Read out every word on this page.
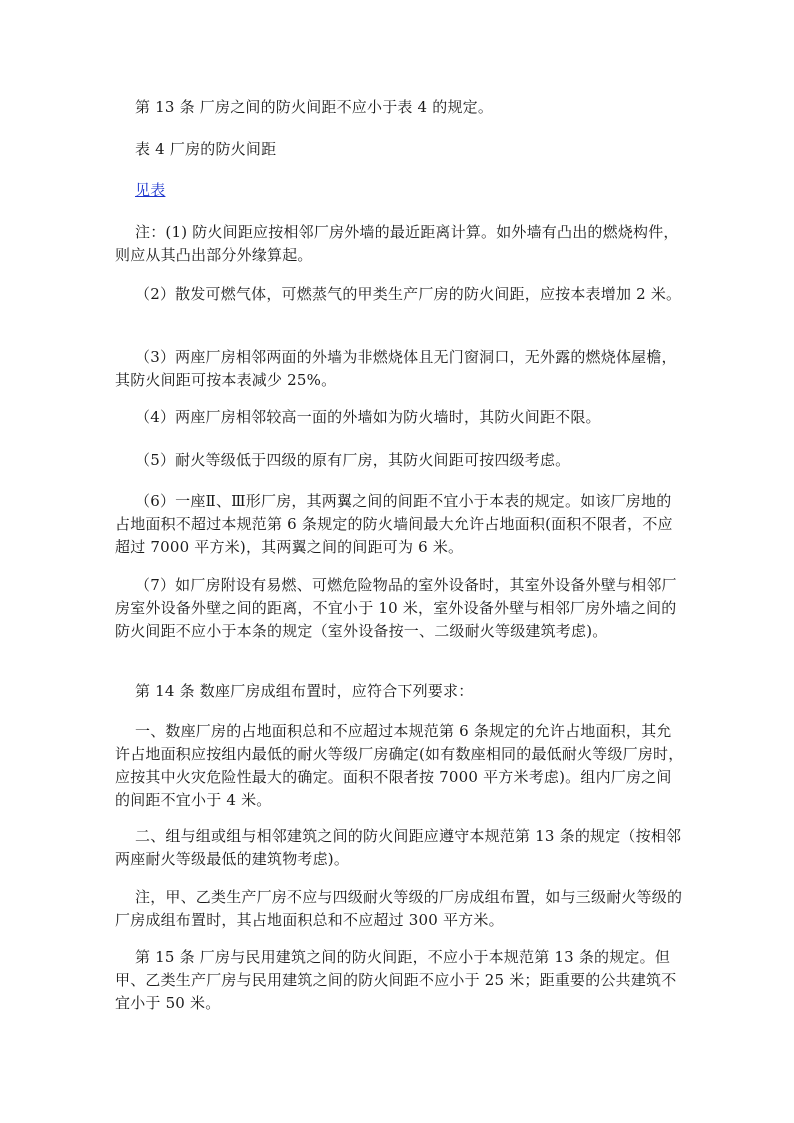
第 13 条 厂房之间的防火间距不应小于表 4 的规定。

表 4 厂房的防火间距

见表

注：(1) 防火间距应按相邻厂房外墙的最近距离计算。如外墙有凸出的燃烧构件，则应从其凸出部分外缘算起。

（2）散发可燃气体，可燃蒸气的甲类生产厂房的防火间距，应按本表增加 2 米。

（3）两座厂房相邻两面的外墙为非燃烧体且无门窗洞口，无外露的燃烧体屋檐，其防火间距可按本表减少 25%。

（4）两座厂房相邻较高一面的外墙如为防火墙时，其防火间距不限。

（5）耐火等级低于四级的原有厂房，其防火间距可按四级考虑。

（6）一座Ⅱ、Ⅲ形厂房，其两翼之间的间距不宜小于本表的规定。如该厂房地的占地面积不超过本规范第 6 条规定的防火墙间最大允许占地面积(面积不限者，不应超过 7000 平方米)，其两翼之间的间距可为 6 米。

（7）如厂房附设有易燃、可燃危险物品的室外设备时，其室外设备外壁与相邻厂房室外设备外壁之间的距离，不宜小于 10 米，室外设备外壁与相邻厂房外墙之间的防火间距不应小于本条的规定（室外设备按一、二级耐火等级建筑考虑)。

第 14 条 数座厂房成组布置时，应符合下列要求：

一、数座厂房的占地面积总和不应超过本规范第 6 条规定的允许占地面积，其允许占地面积应按组内最低的耐火等级厂房确定(如有数座相同的最低耐火等级厂房时，应按其中火灾危险性最大的确定。面积不限者按 7000 平方米考虑)。组内厂房之间的间距不宜小于 4 米。

二、组与组或组与相邻建筑之间的防火间距应遵守本规范第 13 条的规定（按相邻两座耐火等级最低的建筑物考虑)。

注，甲、乙类生产厂房不应与四级耐火等级的厂房成组布置，如与三级耐火等级的厂房成组布置时，其占地面积总和不应超过 300 平方米。

第 15 条 厂房与民用建筑之间的防火间距，不应小于本规范第 13 条的规定。但甲、乙类生产厂房与民用建筑之间的防火间距不应小于 25 米；距重要的公共建筑不宜小于 50 米。
